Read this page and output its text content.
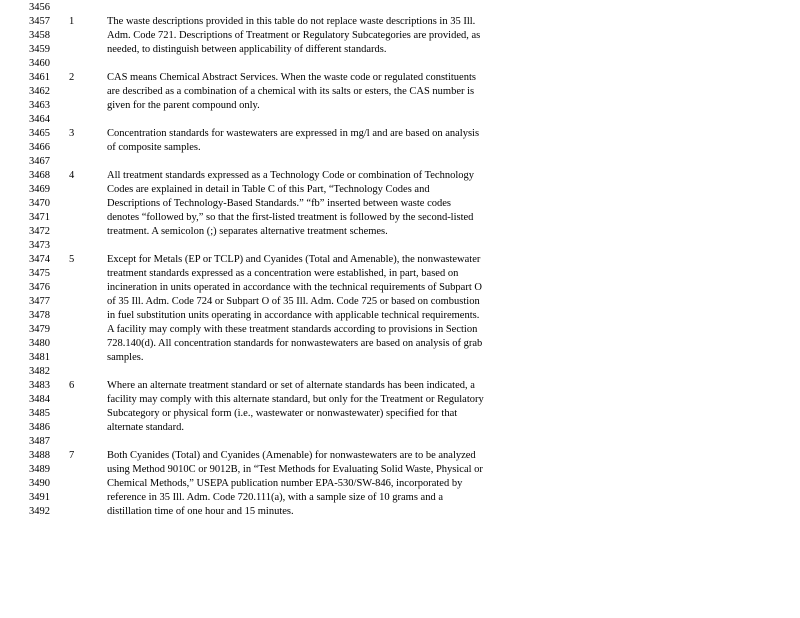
3456
3457	1	The waste descriptions provided in this table do not replace waste descriptions in 35 Ill.
3458	Adm. Code 721. Descriptions of Treatment or Regulatory Subcategories are provided, as
3459	needed, to distinguish between applicability of different standards.
3460
3461	2	CAS means Chemical Abstract Services. When the waste code or regulated constituents
3462	are described as a combination of a chemical with its salts or esters, the CAS number is
3463	given for the parent compound only.
3464
3465	3	Concentration standards for wastewaters are expressed in mg/l and are based on analysis
3466	of composite samples.
3467
3468	4	All treatment standards expressed as a Technology Code or combination of Technology
3469	Codes are explained in detail in Table C of this Part, “Technology Codes and
3470	Descriptions of Technology-Based Standards.” “fb” inserted between waste codes
3471	denotes “followed by,” so that the first-listed treatment is followed by the second-listed
3472	treatment. A semicolon (;) separates alternative treatment schemes.
3473
3474	5	Except for Metals (EP or TCLP) and Cyanides (Total and Amenable), the nonwastewater
3475	treatment standards expressed as a concentration were established, in part, based on
3476	incineration in units operated in accordance with the technical requirements of Subpart O
3477	of 35 Ill. Adm. Code 724 or Subpart O of 35 Ill. Adm. Code 725 or based on combustion
3478	in fuel substitution units operating in accordance with applicable technical requirements.
3479	A facility may comply with these treatment standards according to provisions in Section
3480	728.140(d). All concentration standards for nonwastewaters are based on analysis of grab
3481	samples.
3482
3483	6	Where an alternate treatment standard or set of alternate standards has been indicated, a
3484	facility may comply with this alternate standard, but only for the Treatment or Regulatory
3485	Subcategory or physical form (i.e., wastewater or nonwastewater) specified for that
3486	alternate standard.
3487
3488	7	Both Cyanides (Total) and Cyanides (Amenable) for nonwastewaters are to be analyzed
3489	using Method 9010C or 9012B, in “Test Methods for Evaluating Solid Waste, Physical or
3490	Chemical Methods,” USEPA publication number EPA-530/SW-846, incorporated by
3491	reference in 35 Ill. Adm. Code 720.111(a), with a sample size of 10 grams and a
3492	distillation time of one hour and 15 minutes.
